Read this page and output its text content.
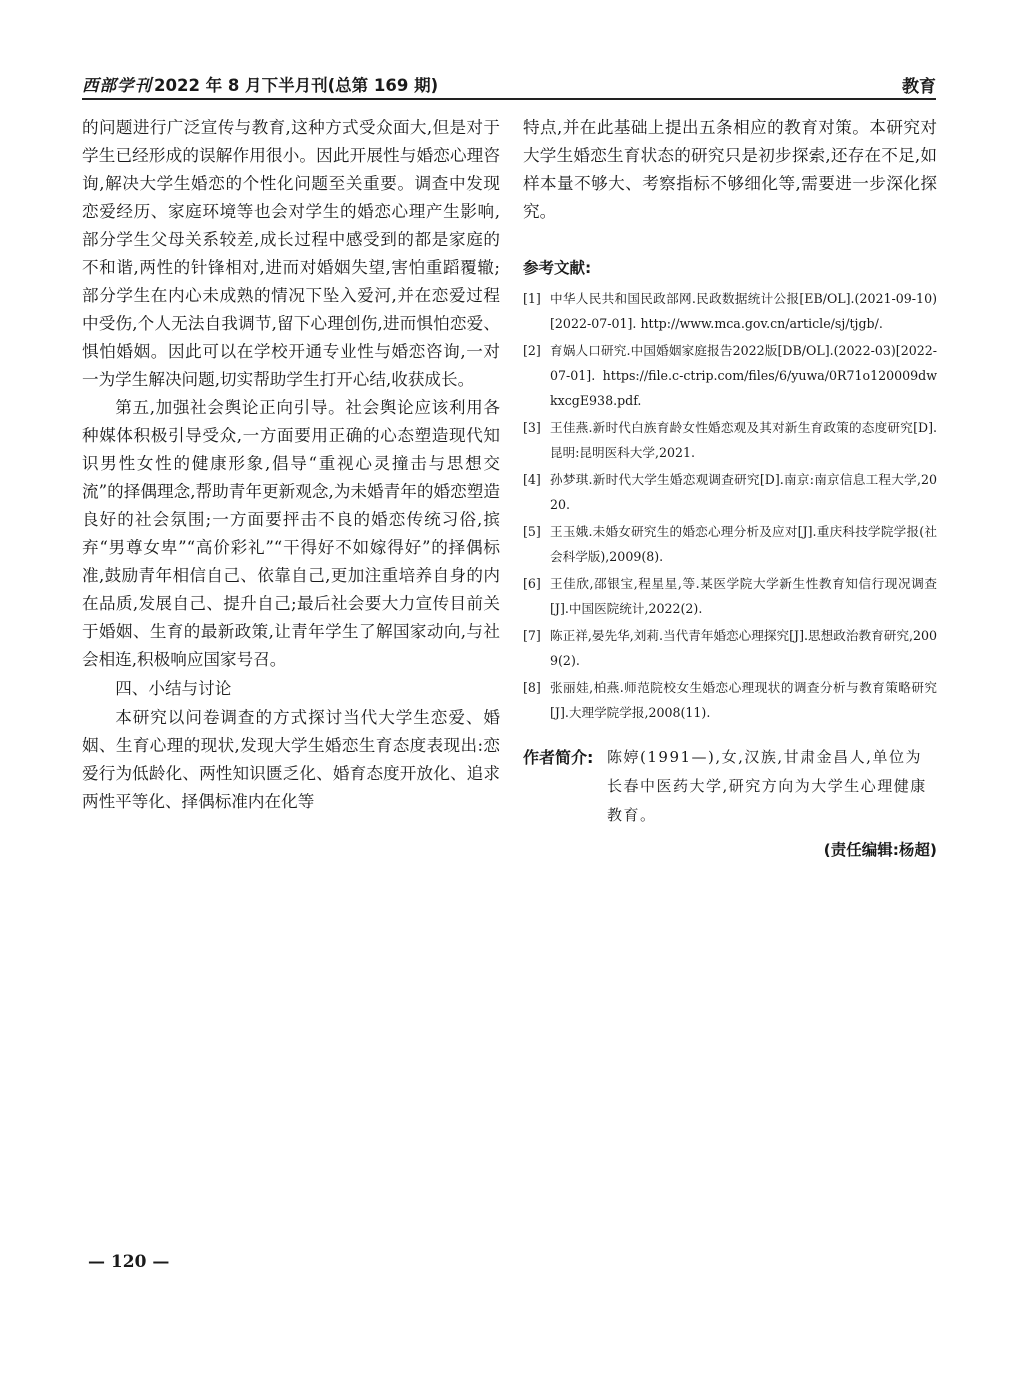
西部学刊 2022 年 8 月下半月刊(总第 169 期)	教育

的问题进行广泛宣传与教育,这种方式受众面大,但是对于学生已经形成的误解作用很小。因此开展性与婚恋心理咨询,解决大学生婚恋的个性化问题至关重要。调查中发现恋爱经历、家庭环境等也会对学生的婚恋心理产生影响,部分学生父母关系较差,成长过程中感受到的都是家庭的不和谐,两性的针锋相对,进而对婚姻失望,害怕重蹈覆辙;部分学生在内心未成熟的情况下坠入爱河,并在恋爱过程中受伤,个人无法自我调节,留下心理创伤,进而惧怕恋爱、惧怕婚姻。因此可以在学校开通专业性与婚恋咨询,一对一为学生解决问题,切实帮助学生打开心结,收获成长。

第五,加强社会舆论正向引导。社会舆论应该利用各种媒体积极引导受众,一方面要用正确的心态塑造现代知识男性女性的健康形象,倡导“重视心灵撞击与思想交流”的择偶理念,帮助青年更新观念,为未婚青年的婚恋塑造良好的社会氛围;一方面要抨击不良的婚恋传统习俗,摈弃“男尊女卑”“高价彩礼”“干得好不如嫁得好”的择偶标准,鼓励青年相信自己、依靠自己,更加注重培养自身的内在品质,发展自己、提升自己;最后社会要大力宣传目前关于婚姻、生育的最新政策,让青年学生了解国家动向,与社会相连,积极响应国家号召。

四、小结与讨论

本研究以问卷调查的方式探讨当代大学生恋爱、婚姻、生育心理的现状,发现大学生婚恋生育态度表现出:恋爱行为低龄化、两性知识匮乏化、婚育态度开放化、追求两性平等化、择偶标准内在化等

特点,并在此基础上提出五条相应的教育对策。本研究对大学生婚恋生育状态的研究只是初步探索,还存在不足,如样本量不够大、考察指标不够细化等,需要进一步深化探究。

参考文献:
[1] 中华人民共和国民政部网.民政数据统计公报[EB/OL].(2021-09-10)[2022-07-01]. http://www.mca.gov.cn/article/sj/tjgb/.
[2] 育娲人口研究.中国婚姻家庭报告2022版[DB/OL].(2022-03)[2022-07-01]. https://file.c-ctrip.com/files/6/yuwa/0R71o120009dwkxcgE938.pdf.
[3] 王佳燕.新时代白族育龄女性婚恋观及其对新生育政策的态度研究[D].昆明:昆明医科大学,2021.
[4] 孙梦琪.新时代大学生婚恋观调查研究[D].南京:南京信息工程大学,2020.
[5] 王玉娥.未婚女研究生的婚恋心理分析及应对[J].重庆科技学院学报(社会科学版),2009(8).
[6] 王佳欣,邵银宝,程星星,等.某医学院大学新生性教育知信行现况调查[J].中国医院统计,2022(2).
[7] 陈正祥,晏先华,刘莉.当代青年婚恋心理探究[J].思想政治教育研究,2009(2).
[8] 张丽娃,柏燕.师范院校女生婚恋心理现状的调查分析与教育策略研究[J].大理学院学报,2008(11).
作者简介: 陈婷(1991—),女,汉族,甘肃金昌人,单位为长春中医药大学,研究方向为大学生心理健康教育。
(责任编辑:杨超)
— 120 —
